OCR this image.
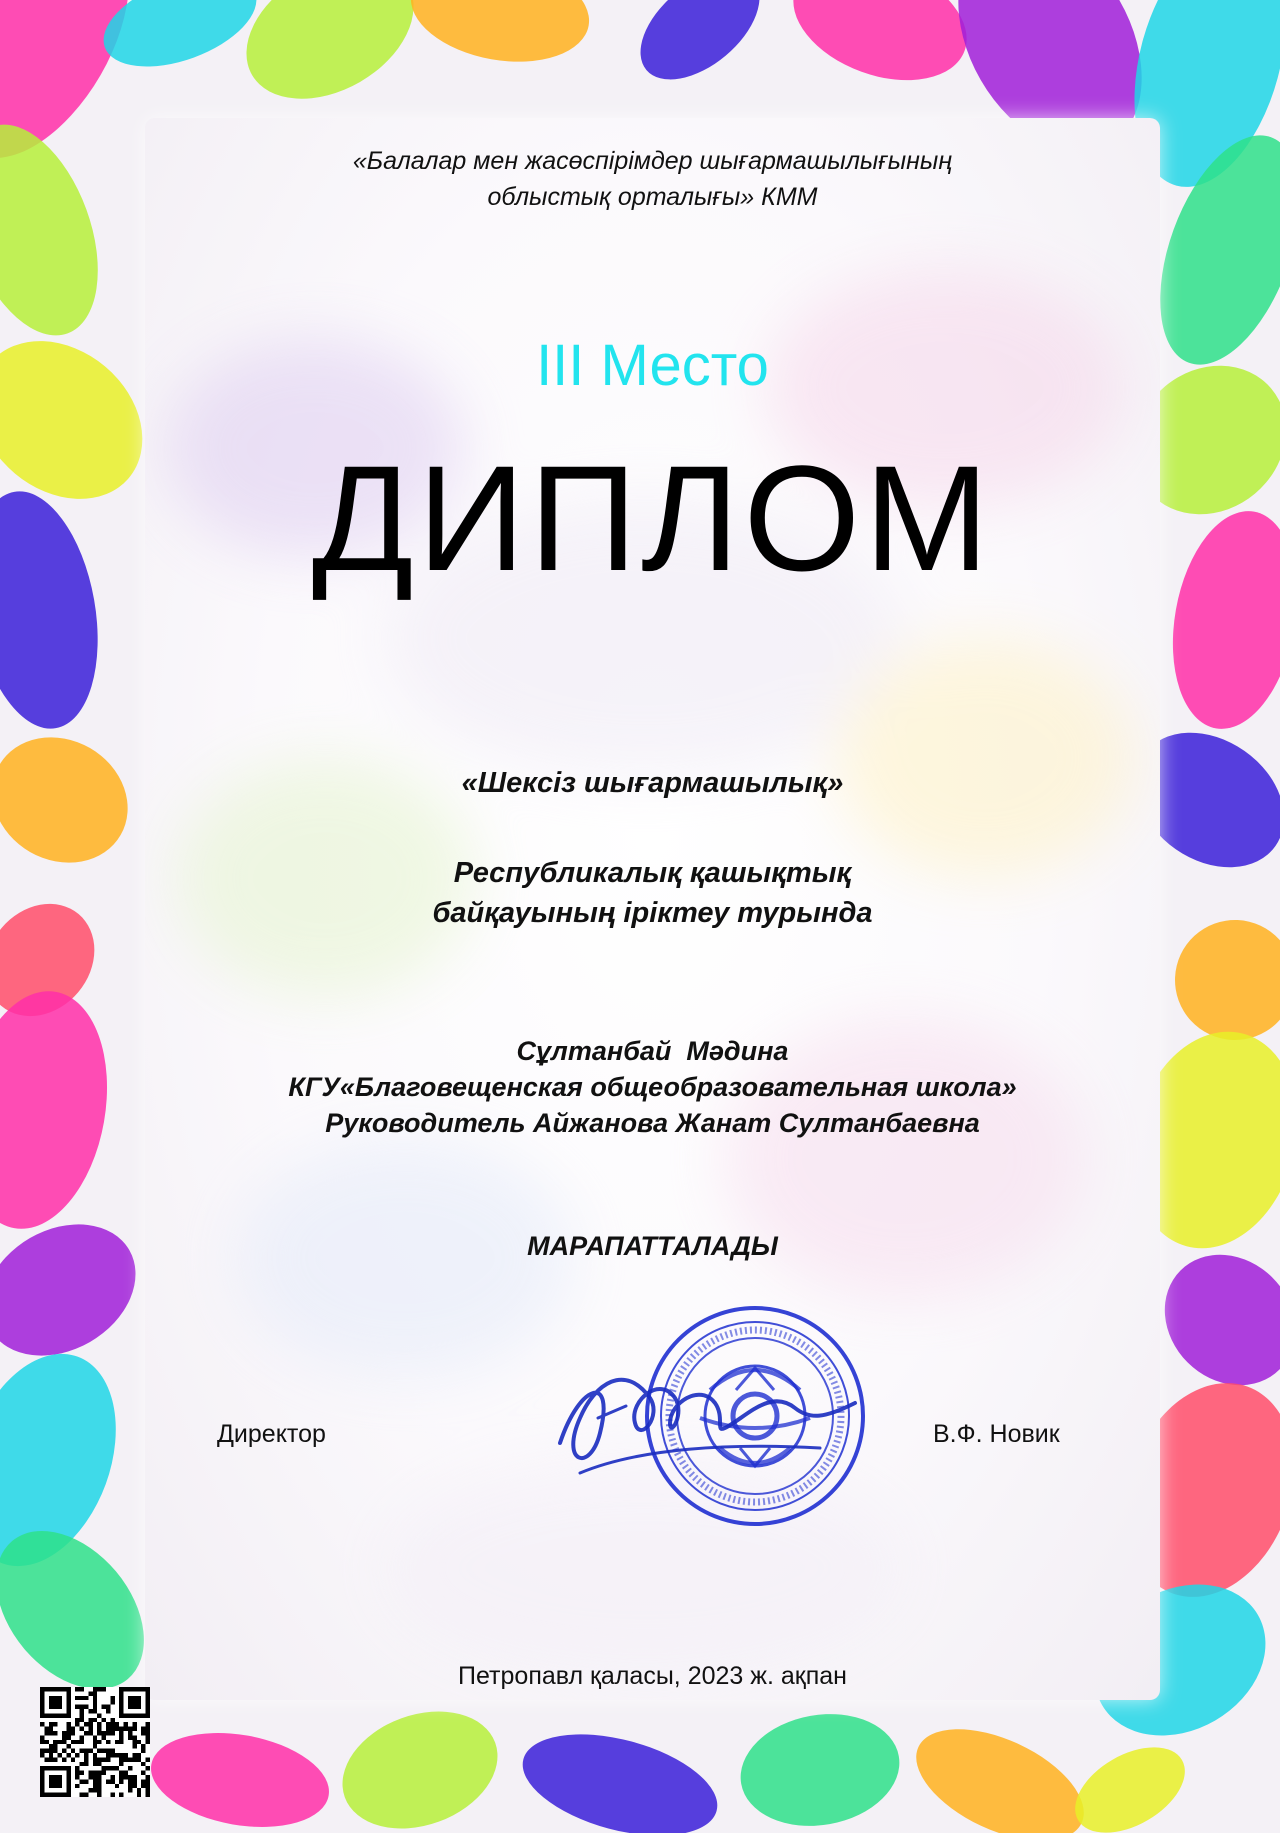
«Балалар мен жасөспірімдер шығармашылығының
облыстық орталығы» КММ
III Место
ДИПЛОМ
«Шексіз шығармашылық»
Республикалық қашықтық
байқауының іріктеу турында
Сұлтанбай  Мәдина
КГУ«Благовещенская общеобразовательная школа»
Руководитель Айжанова Жанат Султанбаевна
МАРАПАТТАЛАДЫ
Директор	В.Ф. Новик
Петропавл қаласы, 2023 ж. ақпан
